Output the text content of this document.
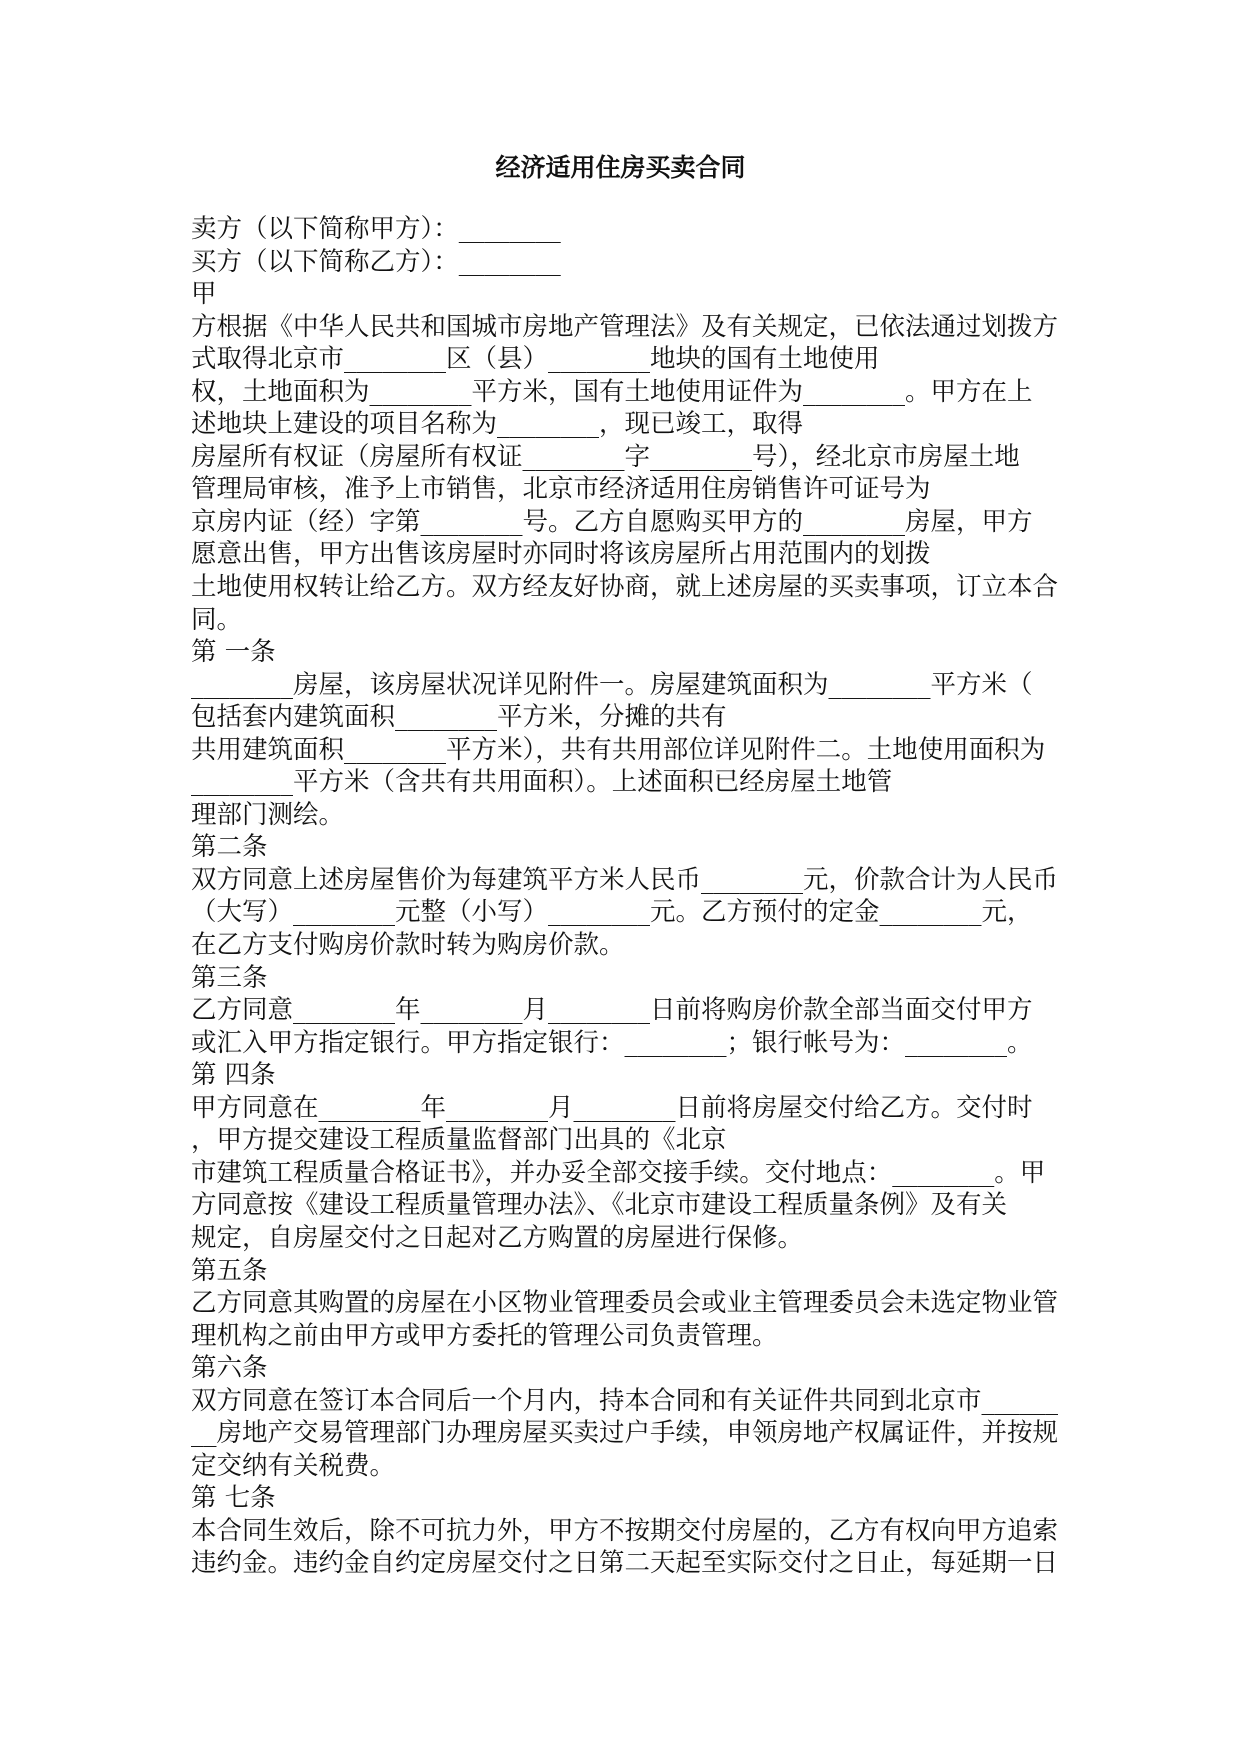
经济适用住房买卖合同
卖方（以下简称甲方）：________
买方（以下简称乙方）：________
甲
方根据《中华人民共和国城市房地产管理法》及有关规定，已依法通过划拨方
式取得北京市________区（县）________地块的国有土地使用
权，土地面积为________平方米，国有土地使用证件为________。甲方在上
述地块上建设的项目名称为________，现已竣工，取得
房屋所有权证（房屋所有权证________字________号），经北京市房屋土地
管理局审核，准予上市销售，北京市经济适用住房销售许可证号为
京房内证（经）字第________号。乙方自愿购买甲方的________房屋，甲方
愿意出售，甲方出售该房屋时亦同时将该房屋所占用范围内的划拨
土地使用权转让给乙方。双方经友好协商，就上述房屋的买卖事项，订立本合
同。
第 一条
________房屋，该房屋状况详见附件一。房屋建筑面积为________平方米（
包括套内建筑面积________平方米，分摊的共有
共用建筑面积________平方米），共有共用部位详见附件二。土地使用面积为
________平方米（含共有共用面积）。上述面积已经房屋土地管
理部门测绘。
第二条
双方同意上述房屋售价为每建筑平方米人民币________元，价款合计为人民币
（大写）________元整（小写）________元。乙方预付的定金________元，
在乙方支付购房价款时转为购房价款。
第三条
乙方同意________年________月________日前将购房价款全部当面交付甲方
或汇入甲方指定银行。甲方指定银行：________；银行帐号为：________。
第 四条
甲方同意在________年________月________日前将房屋交付给乙方。交付时
，甲方提交建设工程质量监督部门出具的《北京
市建筑工程质量合格证书》，并办妥全部交接手续。交付地点：________。甲
方同意按《建设工程质量管理办法》、《北京市建设工程质量条例》及有关
规定，自房屋交付之日起对乙方购置的房屋进行保修。
第五条
乙方同意其购置的房屋在小区物业管理委员会或业主管理委员会未选定物业管
理机构之前由甲方或甲方委托的管理公司负责管理。
第六条
双方同意在签订本合同后一个月内，持本合同和有关证件共同到北京市______
__房地产交易管理部门办理房屋买卖过户手续，申领房地产权属证件，并按规
定交纳有关税费。
第 七条
本合同生效后，除不可抗力外，甲方不按期交付房屋的，乙方有权向甲方追索
违约金。违约金自约定房屋交付之日第二天起至实际交付之日止，每延期一日
